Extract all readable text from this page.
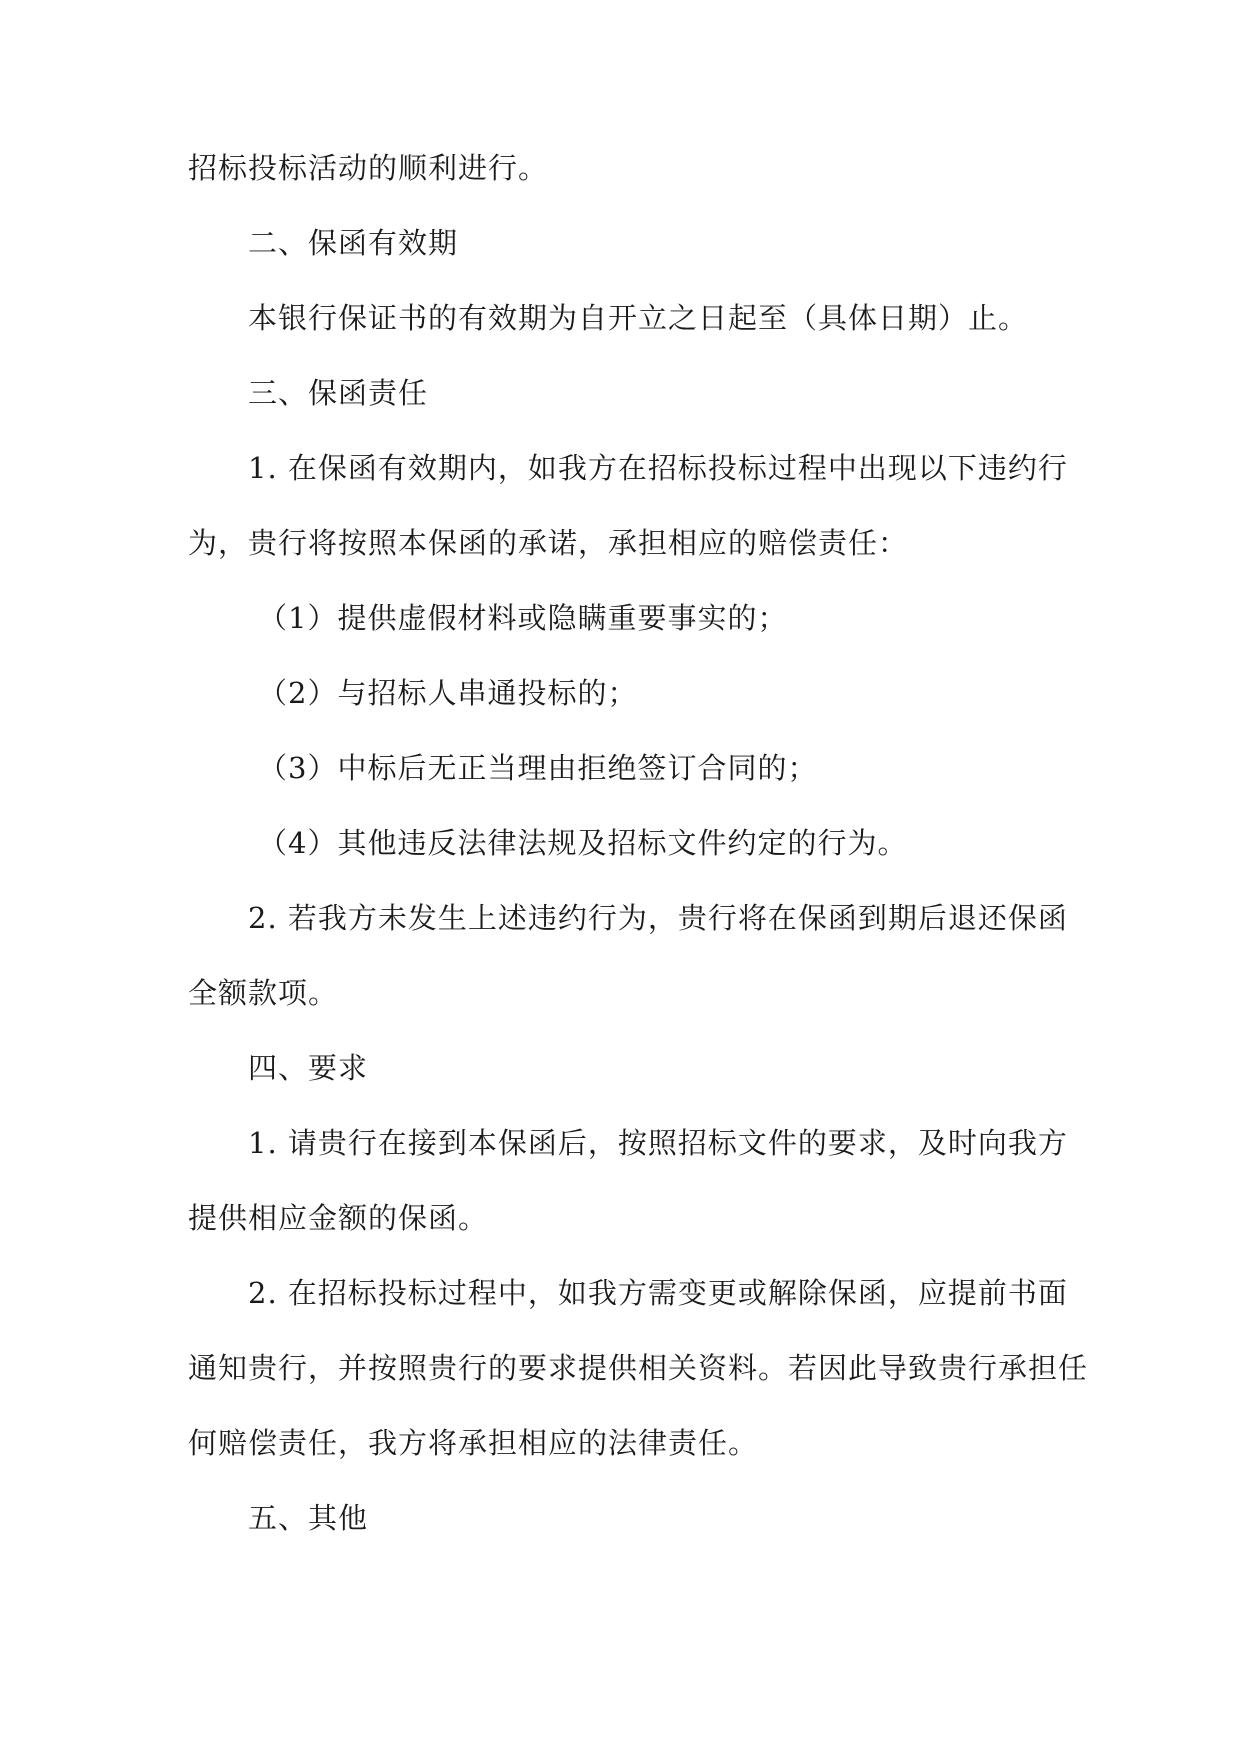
招标投标活动的顺利进行。
二、保函有效期
本银行保证书的有效期为自开立之日起至（具体日期）止。
三、保函责任
1. 在保函有效期内，如我方在招标投标过程中出现以下违约行
为，贵行将按照本保函的承诺，承担相应的赔偿责任：
（1）提供虚假材料或隐瞒重要事实的；
（2）与招标人串通投标的；
（3）中标后无正当理由拒绝签订合同的；
（4）其他违反法律法规及招标文件约定的行为。
2. 若我方未发生上述违约行为，贵行将在保函到期后退还保函
全额款项。
四、要求
1. 请贵行在接到本保函后，按照招标文件的要求，及时向我方
提供相应金额的保函。
2. 在招标投标过程中，如我方需变更或解除保函，应提前书面
通知贵行，并按照贵行的要求提供相关资料。若因此导致贵行承担任
何赔偿责任，我方将承担相应的法律责任。
五、其他
